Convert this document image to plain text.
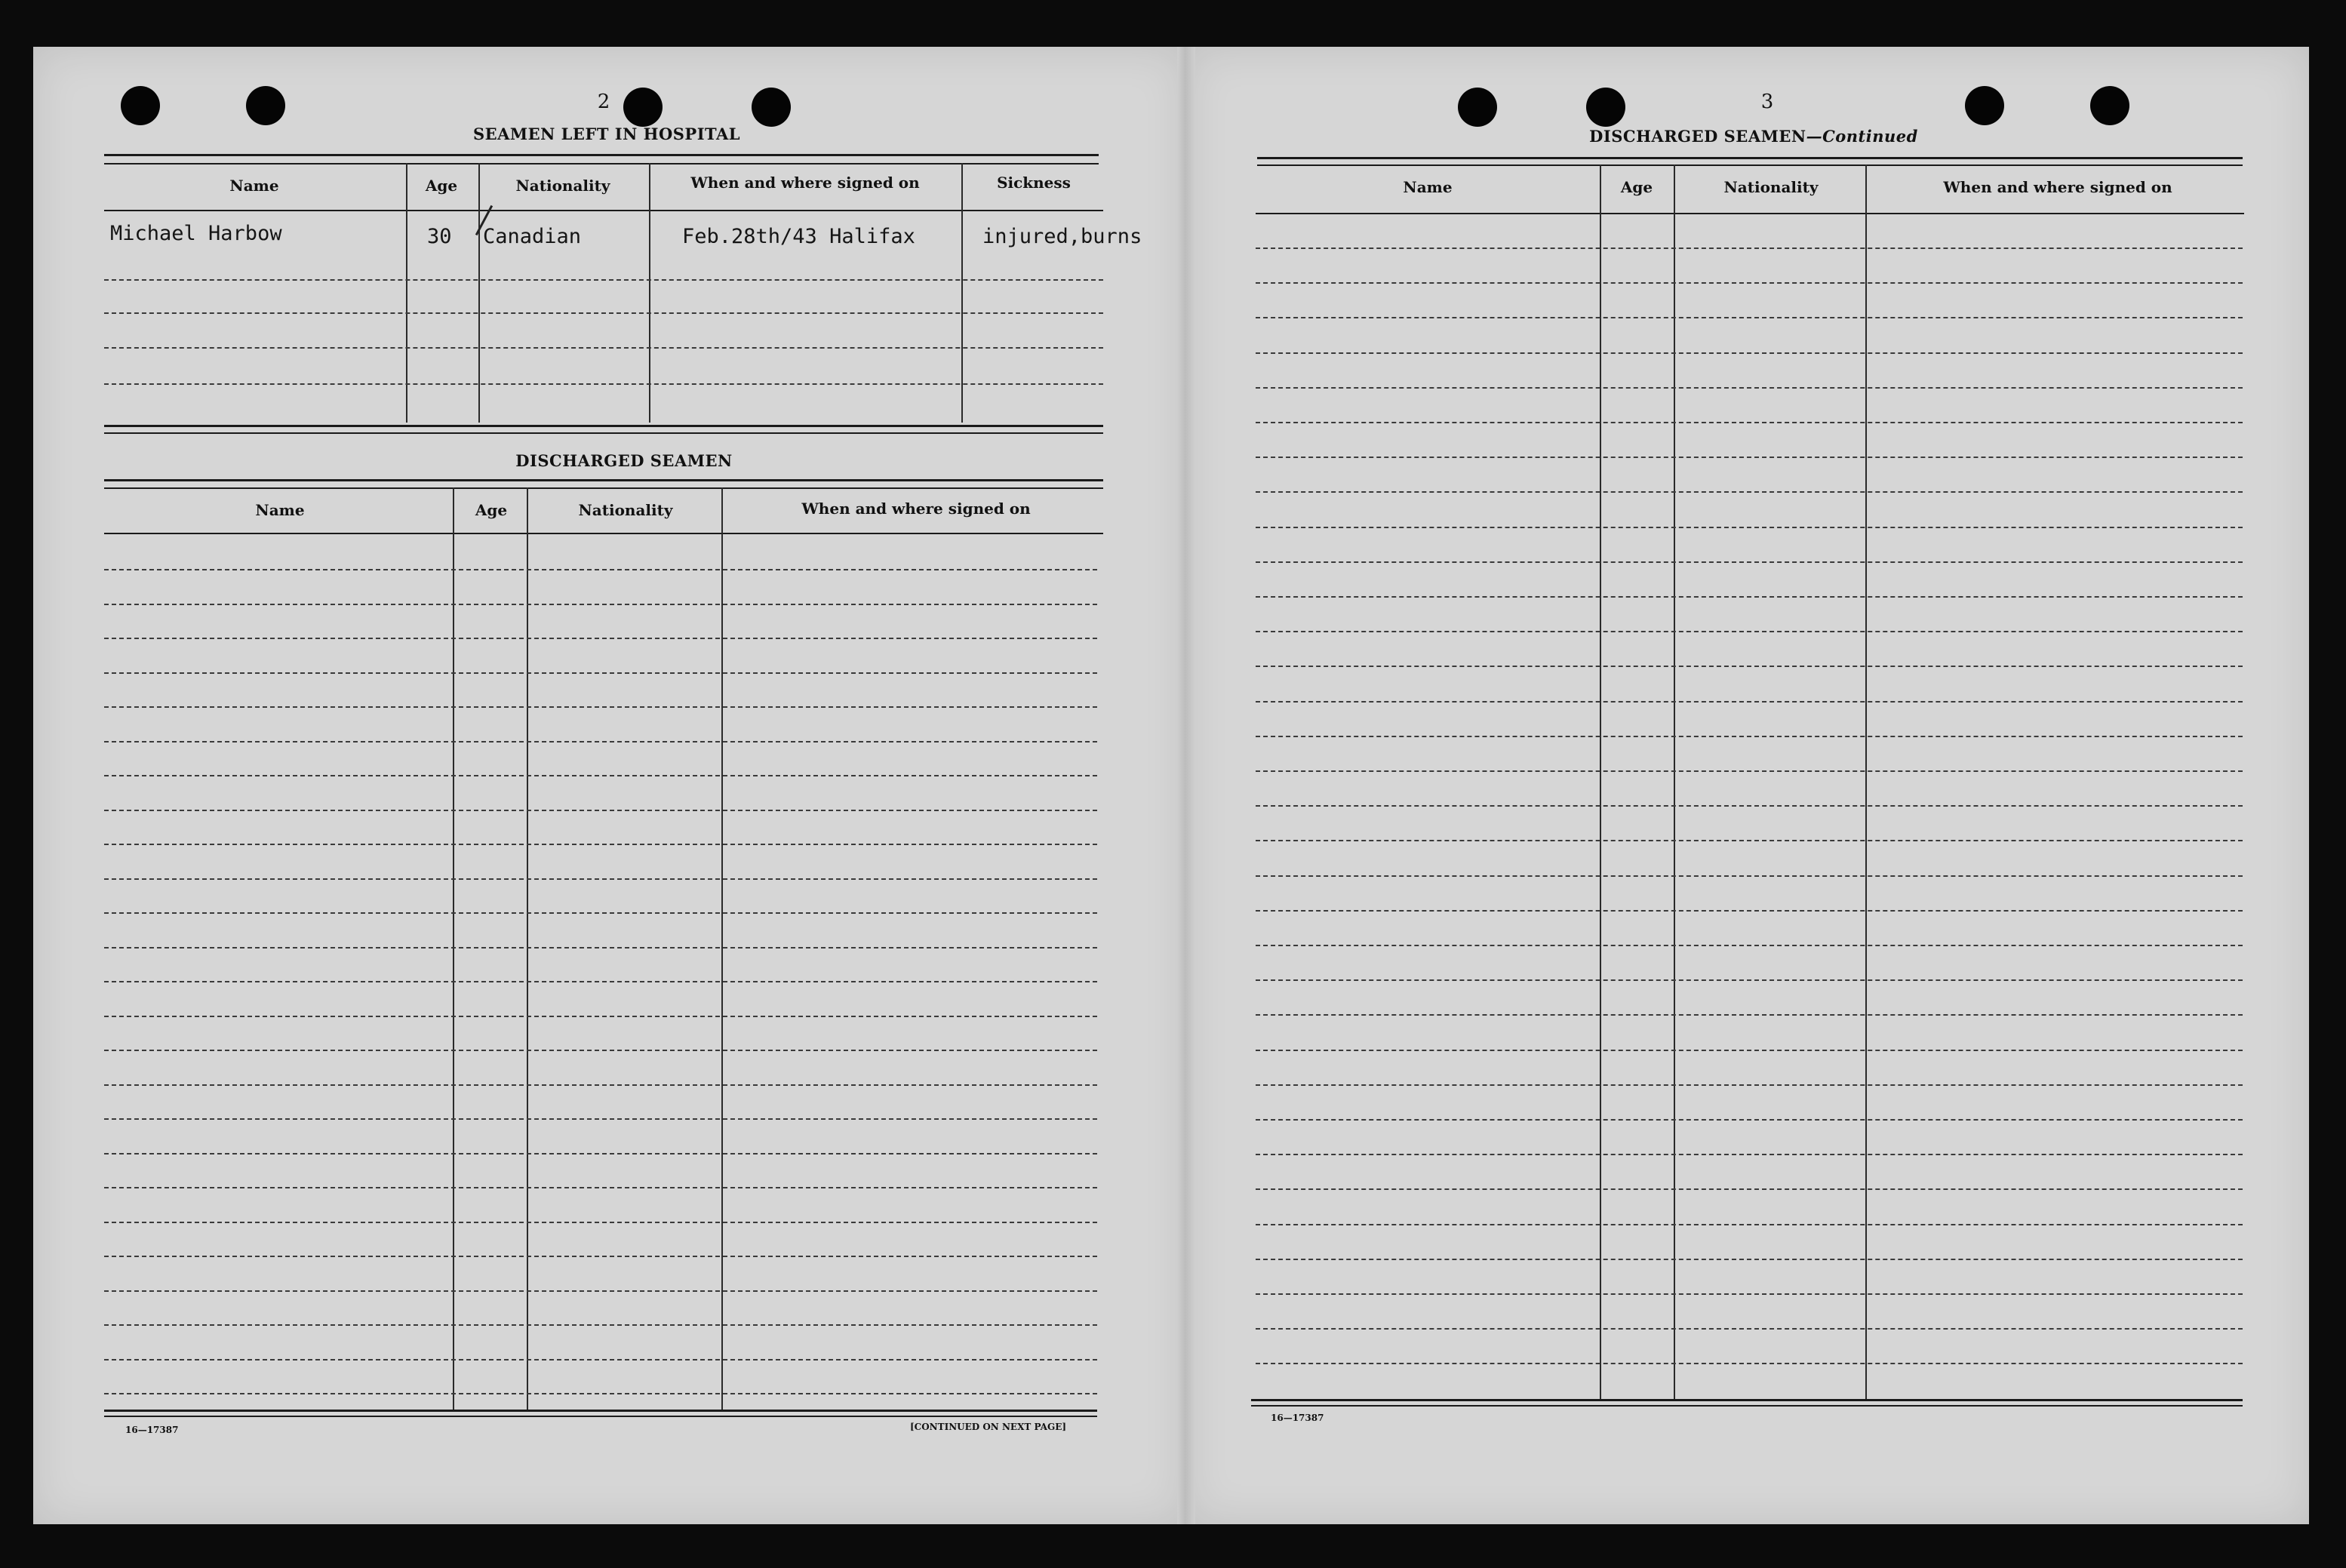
2
SEAMEN LEFT IN HOSPITAL
Name	Age	Nationality	When and where signed on	Sickness
Michael Harbow	30 Canadian	Feb.28th/43 Halifax	injured,burns
DISCHARGED SEAMEN
Name	Age	Nationality	When and where signed on
16—17387	[CONTINUED ON NEXT PAGE]
3
DISCHARGED SEAMEN—Continued
Name	Age	Nationality	When and where signed on
16—17387
